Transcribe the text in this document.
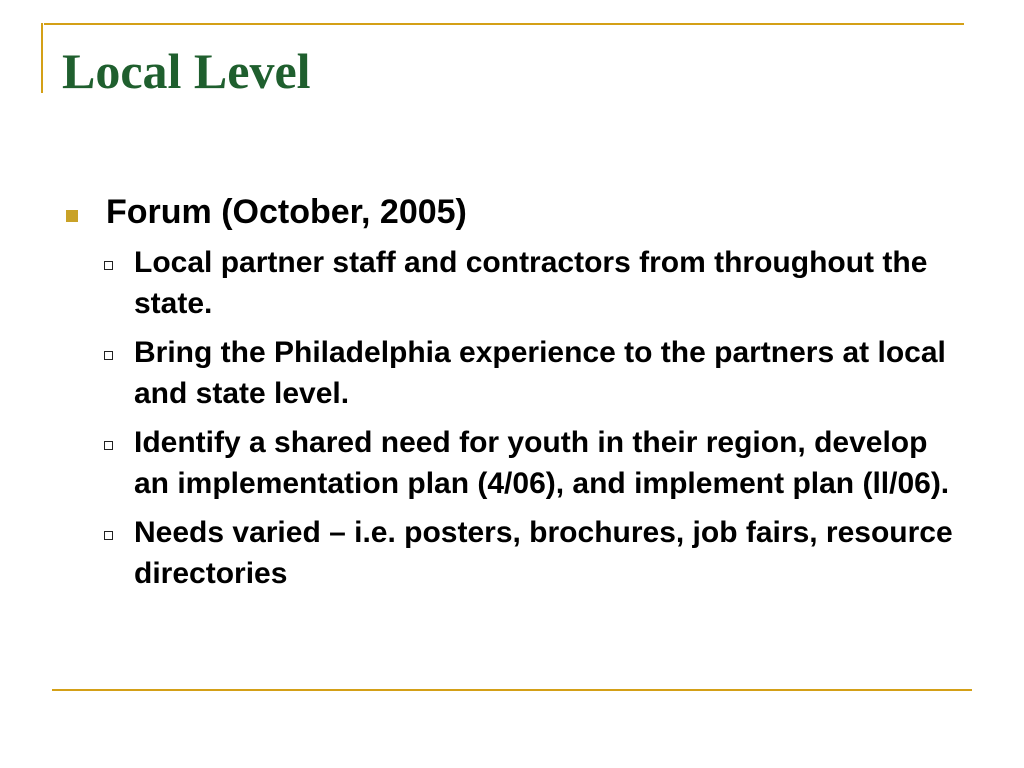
Local Level
Forum (October, 2005)
Local partner staff and contractors from throughout the state.
Bring the Philadelphia experience to the partners at local and state level.
Identify a shared need for youth in their region, develop an implementation plan (4/06), and implement plan (ll/06).
Needs varied – i.e. posters, brochures, job fairs, resource directories
